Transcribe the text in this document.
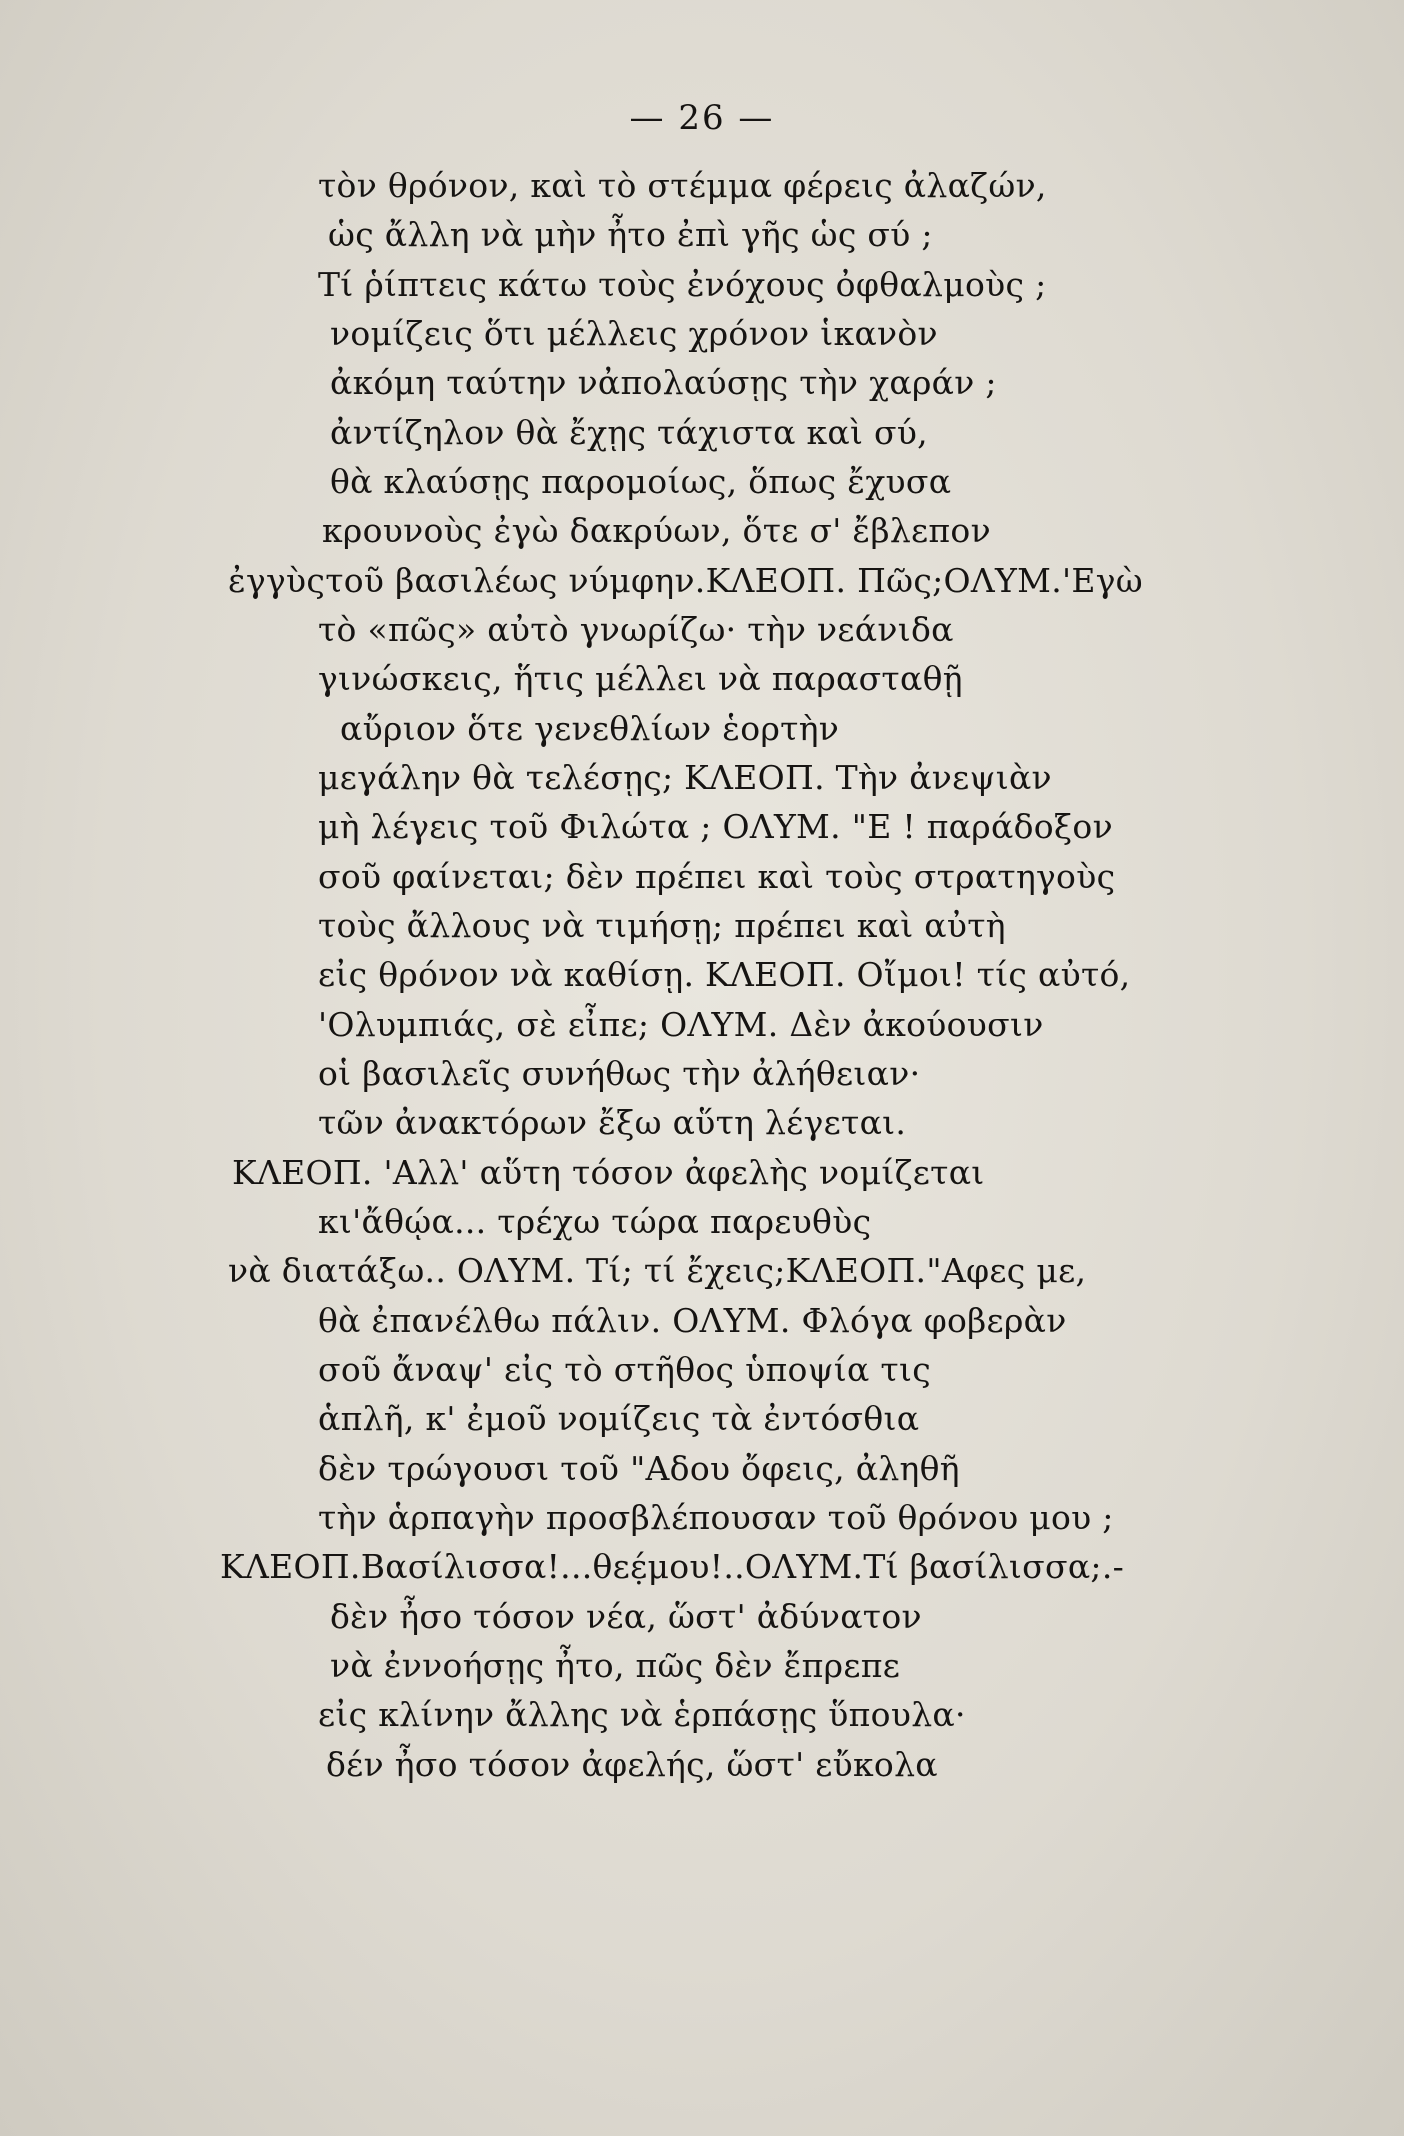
— 26 —
τὸν θρόνον, καὶ τὸ στέμμα φέρεις ἀλαζών,
ὡς ἄλλη νὰ μὴν ἦτο ἐπὶ γῆς ὡς σύ ;
Τί ῥίπτεις κάτω τοὺς ἐνόχους ὀφθαλμοὺς ;
νομίζεις ὅτι μέλλεις χρόνον ἱκανὸν
ἀκόμη ταύτην νἀπολαύσῃς τὴν χαράν ;
ἀντίζηλον θὰ ἔχῃς τάχιστα καὶ σύ,
θὰ κλαύσῃς παρομοίως, ὅπως ἔχυσα
κρουνοὺς ἐγὼ δακρύων, ὅτε σ' ἔβλεπον
ἐγγὺςτοῦ βασιλέως νύμφην.ΚΛΕΟΠ. Πῶς;ΟΛΥΜ.'Εγὼ
τὸ «πῶς» αὐτὸ γνωρίζω· τὴν νεάνιδα
γινώσκεις, ἥτις μέλλει νὰ παρασταθῇ
αὔριον ὅτε γενεθλίων ἑορτὴν
μεγάλην θὰ τελέσῃς; ΚΛΕΟΠ. Τὴν ἀνεψιὰν
μὴ λέγεις τοῦ Φιλώτα ; ΟΛΥΜ. "Ε ! παράδοξον
σοῦ φαίνεται; δὲν πρέπει καὶ τοὺς στρατηγοὺς
τοὺς ἄλλους νὰ τιμήσῃ; πρέπει καὶ αὐτὴ
εἰς θρόνον νὰ καθίσῃ. ΚΛΕΟΠ. Οἴμοι! τίς αὐτό,
'Ολυμπιάς, σὲ εἶπε; ΟΛΥΜ. Δὲν ἀκούουσιν
οἱ βασιλεῖς συνήθως τὴν ἀλήθειαν·
τῶν ἀνακτόρων ἔξω αὕτη λέγεται.
ΚΛΕΟΠ. 'Αλλ' αὕτη τόσον ἀφελὴς νομίζεται
κι'ἄθῴα... τρέχω τώρα παρευθὺς
νὰ διατάξω.. ΟΛΥΜ. Τί; τί ἔχεις;ΚΛΕΟΠ."Αφες με,
θὰ ἐπανέλθω πάλιν. ΟΛΥΜ. Φλόγα φοβερὰν
σοῦ ἄναψ' εἰς τὸ στῆθος ὑποψία τις
ἁπλῆ, κ' ἐμοῦ νομίζεις τὰ ἐντόσθια
δὲν τρώγουσι τοῦ "Αδου ὄφεις, ἀληθῆ
τὴν ἁρπαγὴν προσβλέπουσαν τοῦ θρόνου μου ;
ΚΛΕΟΠ.Βασίλισσα!...θεέ̣μου!..ΟΛΥΜ.Τί βασίλισσα;.-
δὲν ἦσο τόσον νέα, ὥστ' ἀδύνατον
νὰ ἐννοήσῃς ἦτο, πῶς δὲν ἔπρεπε
εἰς κλίνην ἄλλης νὰ ἑρπάσῃς ὕπουλα·
δέν ἦσο τόσον ἀφελής, ὥστ' εὔκολα
